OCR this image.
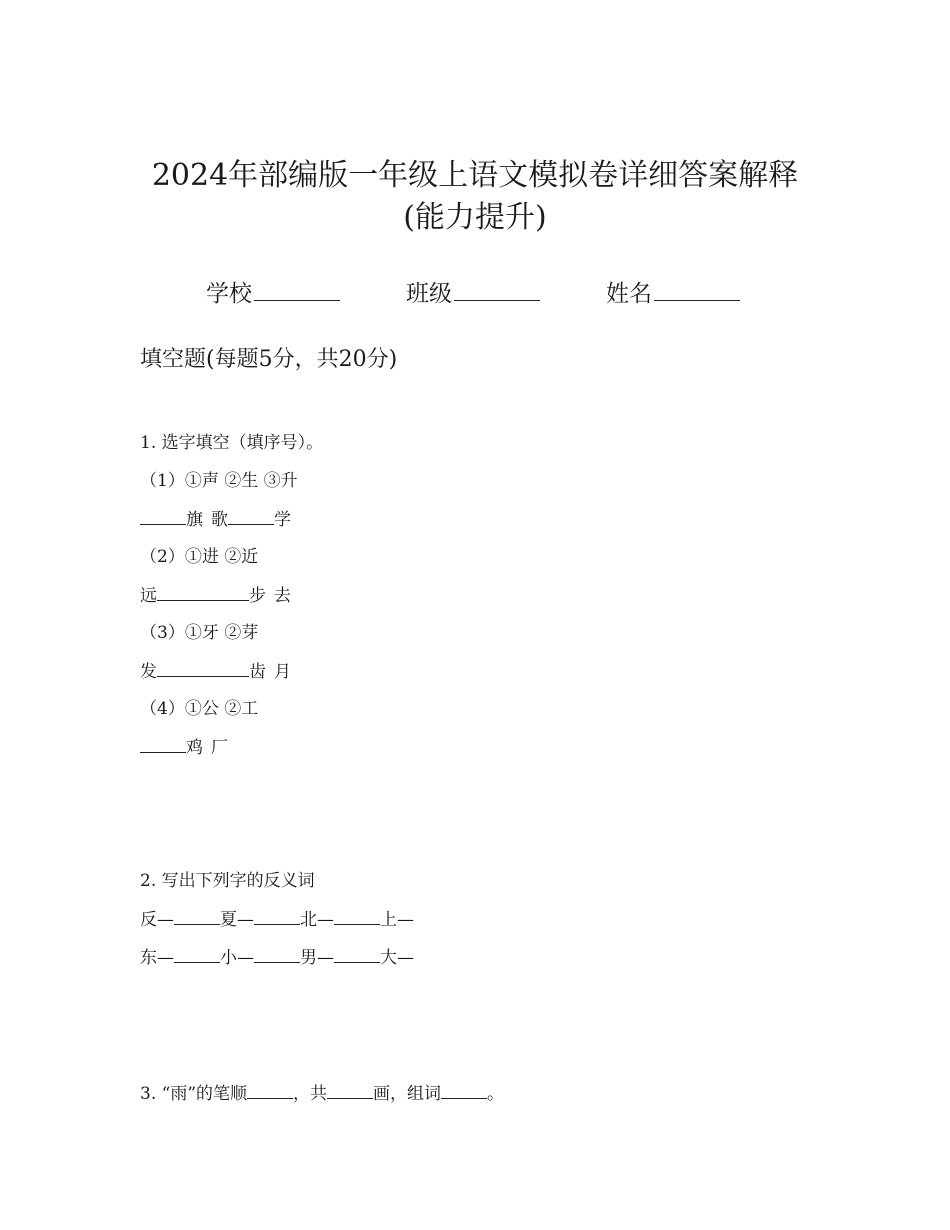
2024年部编版一年级上语文模拟卷详细答案解释
(能力提升)
学校	班级	姓名
填空题(每题5分，共20分)
1. 选字填空（填序号）。
（1）①声 ②生 ③升
旗 歌	学
（2）①进 ②近
远	步 去
（3）①牙 ②芽
发	齿 月
（4）①公 ②工
鸡 厂
2. 写出下列字的反义词
反—	夏—	北—	上—
东—	小—	男—	大—
3. “雨”的笔顺	，共	画，组词	。
